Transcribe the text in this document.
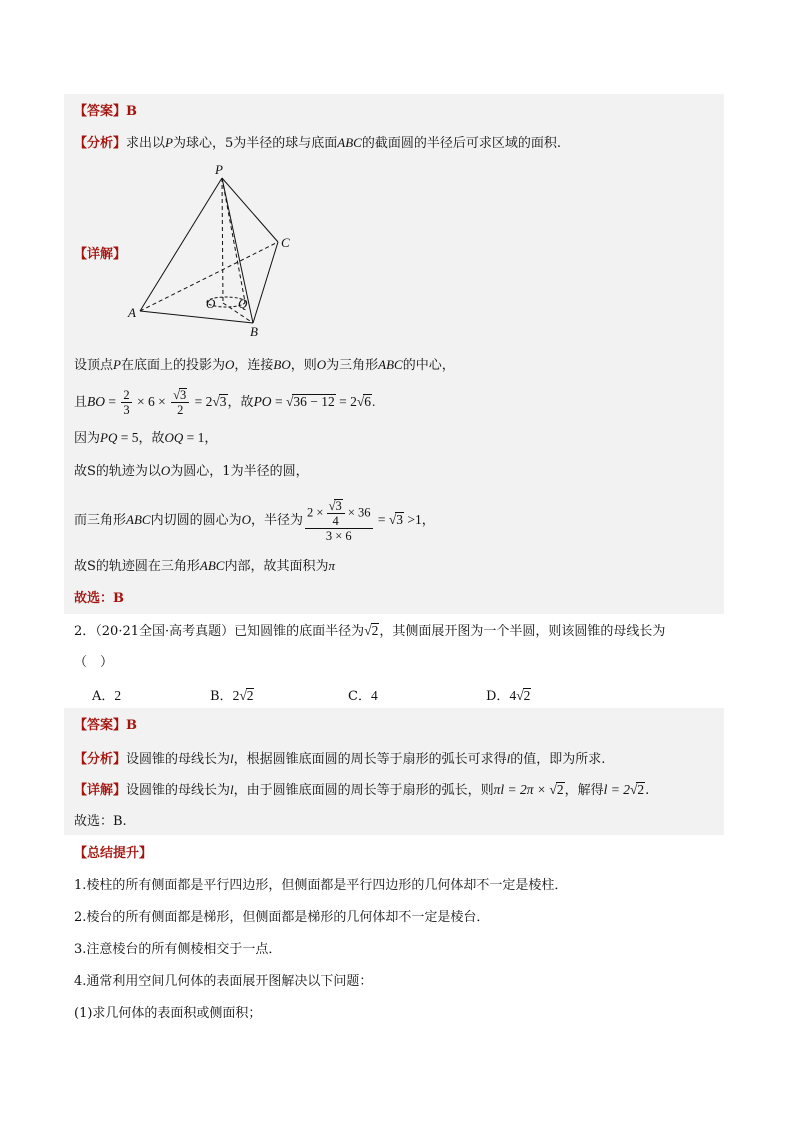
【答案】B
【分析】求出以P为球心，5为半径的球与底面ABC的截面圆的半径后可求区域的面积.
【详解】
P
A
B
C
O Q
设顶点P在底面上的投影为O，连接BO，则O为三角形ABC的中心，
且BO = $\frac{2}{3} \times 6 \times \frac{√3}{2} = 2√3$，故PO = √36 − 12 = 2√6.
因为PQ = 5，故OQ = 1，
故S的轨迹为以O为圆心，1为半径的圆，
而三角形ABC内切圆的圆心为O，半径为 $\frac{2 \times \frac{√3}{4} \times 36}{3 \times 6} = √3 >1$，
故S的轨迹圆在三角形ABC内部，故其面积为π
故选：B
2．（20·21全国·高考真题）已知圆锥的底面半径为√2，其侧面展开图为一个半圆，则该圆锥的母线长为
（　）
A．2	B．2√2	C．4	D．4√2
【答案】B
【分析】设圆锥的母线长为l，根据圆锥底面圆的周长等于扇形的弧长可求得l的值，即为所求.
【详解】设圆锥的母线长为l，由于圆锥底面圆的周长等于扇形的弧长，则πl = 2π × √2，解得l = 2√2.
故选：B.
【总结提升】
1.棱柱的所有侧面都是平行四边形，但侧面都是平行四边形的几何体却不一定是棱柱．
2.棱台的所有侧面都是梯形，但侧面都是梯形的几何体却不一定是棱台．
3.注意棱台的所有侧棱相交于一点．
4.通常利用空间几何体的表面展开图解决以下问题：
(1)求几何体的表面积或侧面积；
